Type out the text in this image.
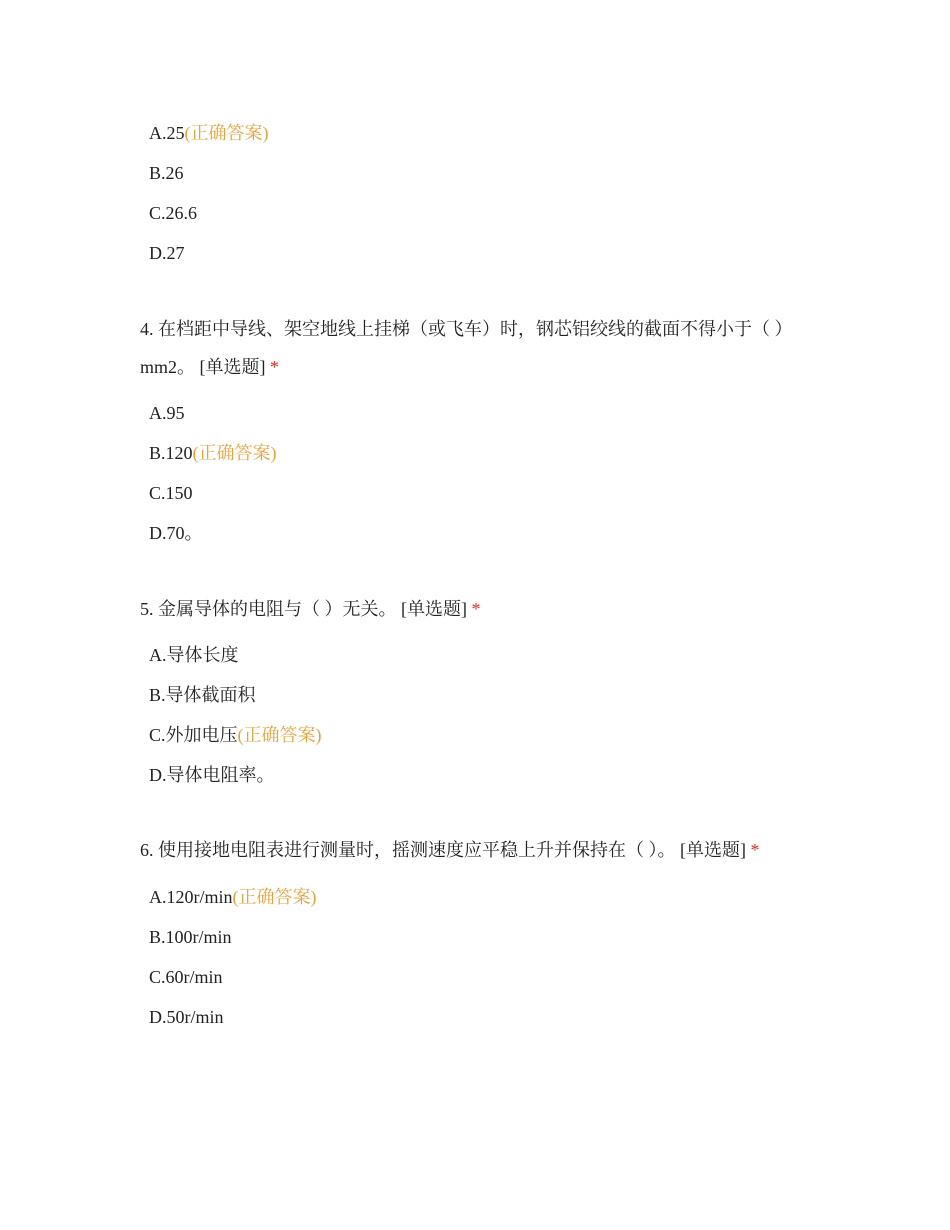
A.25(正确答案)
B.26
C.26.6
D.27
4. 在档距中导线、架空地线上挂梯（或飞车）时，钢芯铝绞线的截面不得小于（ ）mm2。 [单选题] *
A.95
B.120(正确答案)
C.150
D.70。
5. 金属导体的电阻与（ ）无关。 [单选题] *
A.导体长度
B.导体截面积
C.外加电压(正确答案)
D.导体电阻率。
6. 使用接地电阻表进行测量时，摇测速度应平稳上升并保持在（ ）。 [单选题] *
A.120r/min(正确答案)
B.100r/min
C.60r/min
D.50r/min
